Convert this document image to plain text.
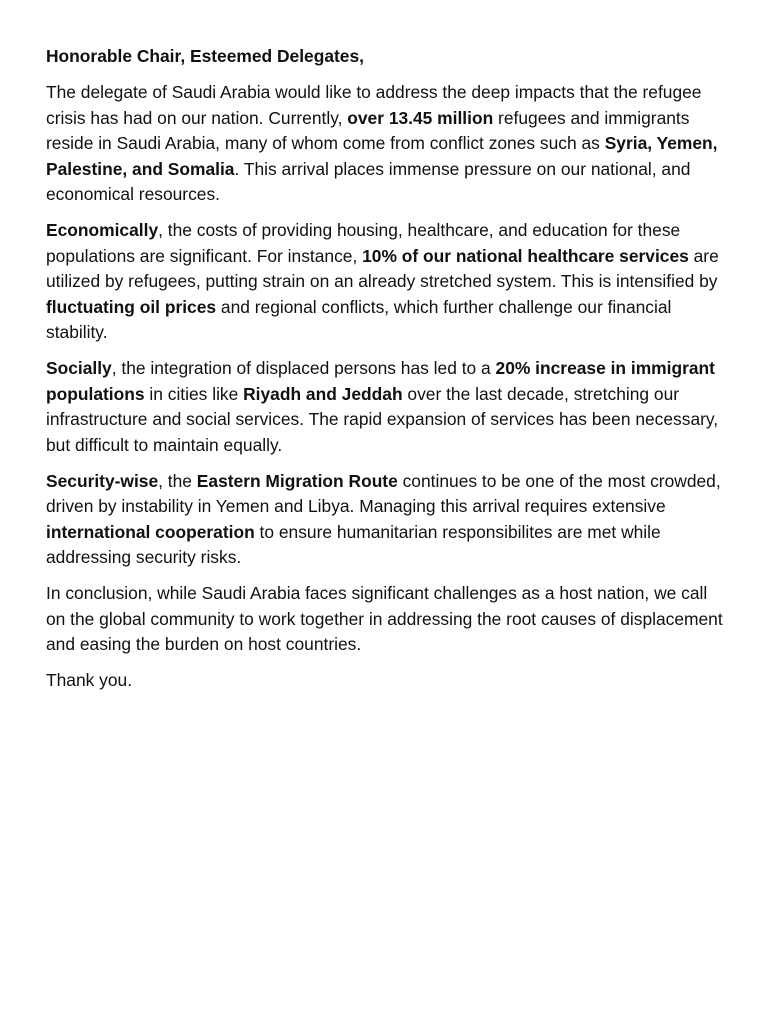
Honorable Chair, Esteemed Delegates,

The delegate of Saudi Arabia would like to address the deep impacts that the refugee crisis has had on our nation. Currently, over 13.45 million refugees and immigrants reside in Saudi Arabia, many of whom come from conflict zones such as Syria, Yemen, Palestine, and Somalia. This arrival places immense pressure on our national, and economical resources.

Economically, the costs of providing housing, healthcare, and education for these populations are significant. For instance, 10% of our national healthcare services are utilized by refugees, putting strain on an already stretched system. This is intensified by fluctuating oil prices and regional conflicts, which further challenge our financial stability.

Socially, the integration of displaced persons has led to a 20% increase in immigrant populations in cities like Riyadh and Jeddah over the last decade, stretching our infrastructure and social services. The rapid expansion of services has been necessary, but difficult to maintain equally.

Security-wise, the Eastern Migration Route continues to be one of the most crowded, driven by instability in Yemen and Libya. Managing this arrival requires extensive international cooperation to ensure humanitarian responsibilites are met while addressing security risks.

In conclusion, while Saudi Arabia faces significant challenges as a host nation, we call on the global community to work together in addressing the root causes of displacement and easing the burden on host countries.

Thank you.
